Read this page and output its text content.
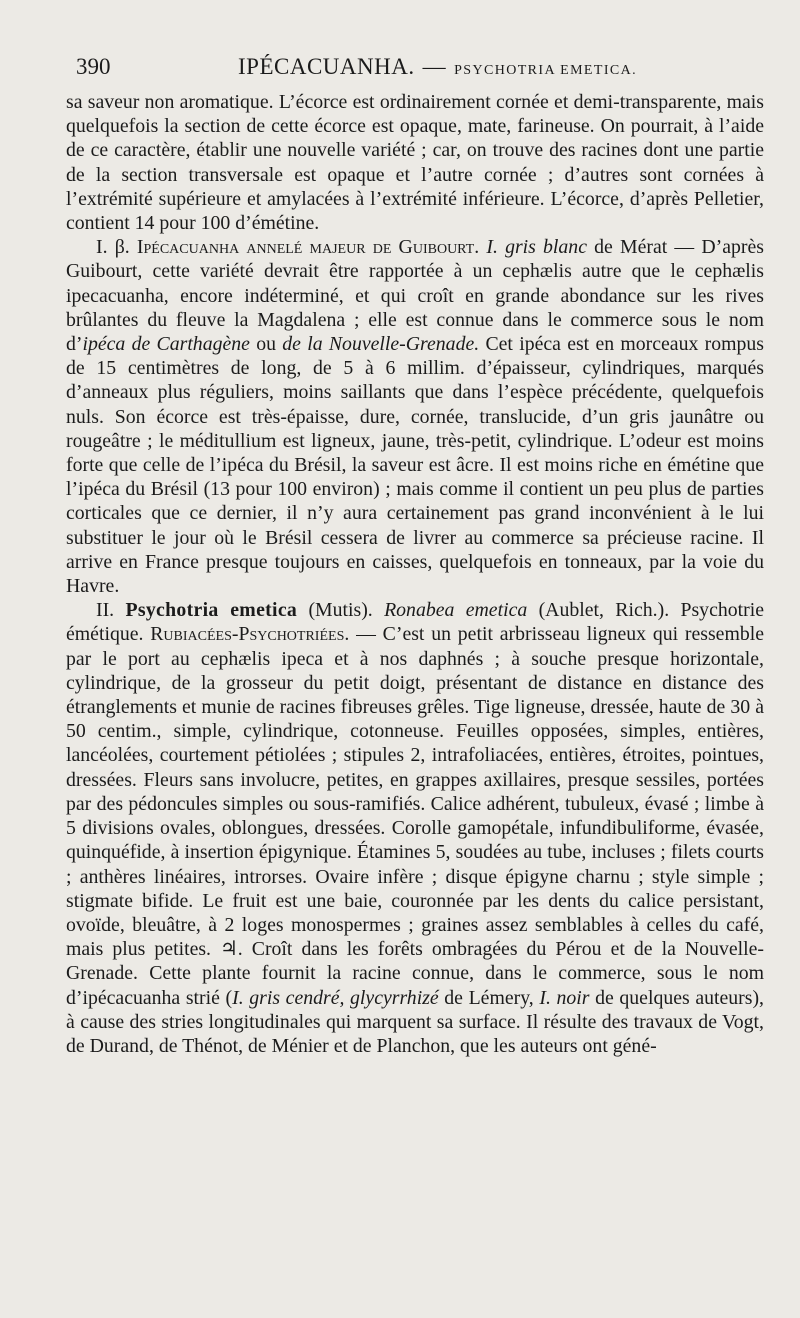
390	IPÉCACUANHA. — PSYCHOTRIA EMETICA.

sa saveur non aromatique. L’écorce est ordinairement cornée et demi-transparente, mais quelquefois la section de cette écorce est opaque, mate, farineuse. On pourrait, à l’aide de ce caractère, établir une nouvelle variété ; car, on trouve des racines dont une partie de la section transversale est opaque et l’autre cornée ; d’autres sont cornées à l’extrémité supérieure et amylacées à l’extrémité inférieure. L’écorce, d’après Pelletier, contient 14 pour 100 d’émétine.

I. β. Ipécacuanha annelé majeur de Guibourt. I. gris blanc de Mérat — D’après Guibourt, cette variété devrait être rapportée à un cephælis autre que le cephælis ipecacuanha, encore indéterminé, et qui croît en grande abondance sur les rives brûlantes du fleuve la Magdalena ; elle est connue dans le commerce sous le nom d’ipéca de Carthagène ou de la Nouvelle-Grenade. Cet ipéca est en morceaux rompus de 15 centimètres de long, de 5 à 6 millim. d’épaisseur, cylindriques, marqués d’anneaux plus réguliers, moins saillants que dans l’espèce précédente, quelquefois nuls. Son écorce est très-épaisse, dure, cornée, translucide, d’un gris jaunâtre ou rougeâtre ; le méditullium est ligneux, jaune, très-petit, cylindrique. L’odeur est moins forte que celle de l’ipéca du Brésil, la saveur est âcre. Il est moins riche en émétine que l’ipéca du Brésil (13 pour 100 environ) ; mais comme il contient un peu plus de parties corticales que ce dernier, il n’y aura certainement pas grand inconvénient à le lui substituer le jour où le Brésil cessera de livrer au commerce sa précieuse racine. Il arrive en France presque toujours en caisses, quelquefois en tonneaux, par la voie du Havre.

II. Psychotria emetica (Mutis). Ronabea emetica (Aublet, Rich.). Psychotrie émétique. Rubiacées-Psychotriées. — C’est un petit arbrisseau ligneux qui ressemble par le port au cephælis ipeca et à nos daphnés ; à souche presque horizontale, cylindrique, de la grosseur du petit doigt, présentant de distance en distance des étranglements et munie de racines fibreuses grêles. Tige ligneuse, dressée, haute de 30 à 50 centim., simple, cylindrique, cotonneuse. Feuilles opposées, simples, entières, lancéolées, courtement pétiolées ; stipules 2, intrafoliacées, entières, étroites, pointues, dressées. Fleurs sans involucre, petites, en grappes axillaires, presque sessiles, portées par des pédoncules simples ou sous-ramifiés. Calice adhérent, tubuleux, évasé ; limbe à 5 divisions ovales, oblongues, dressées. Corolle gamopétale, infundibuliforme, évasée, quinquéfide, à insertion épigynique. Étamines 5, soudées au tube, incluses ; filets courts ; anthères linéaires, introrses. Ovaire infère ; disque épigyne charnu ; style simple ; stigmate bifide. Le fruit est une baie, couronnée par les dents du calice persistant, ovoïde, bleuâtre, à 2 loges monospermes ; graines assez semblables à celles du café, mais plus petites. ♃. Croît dans les forêts ombragées du Pérou et de la Nouvelle-Grenade. Cette plante fournit la racine connue, dans le commerce, sous le nom d’ipécacuanha strié (I. gris cendré, glycyrrhizé de Lémery, I. noir de quelques auteurs), à cause des stries longitudinales qui marquent sa surface. Il résulte des travaux de Vogt, de Durand, de Thénot, de Ménier et de Planchon, que les auteurs ont géné-
